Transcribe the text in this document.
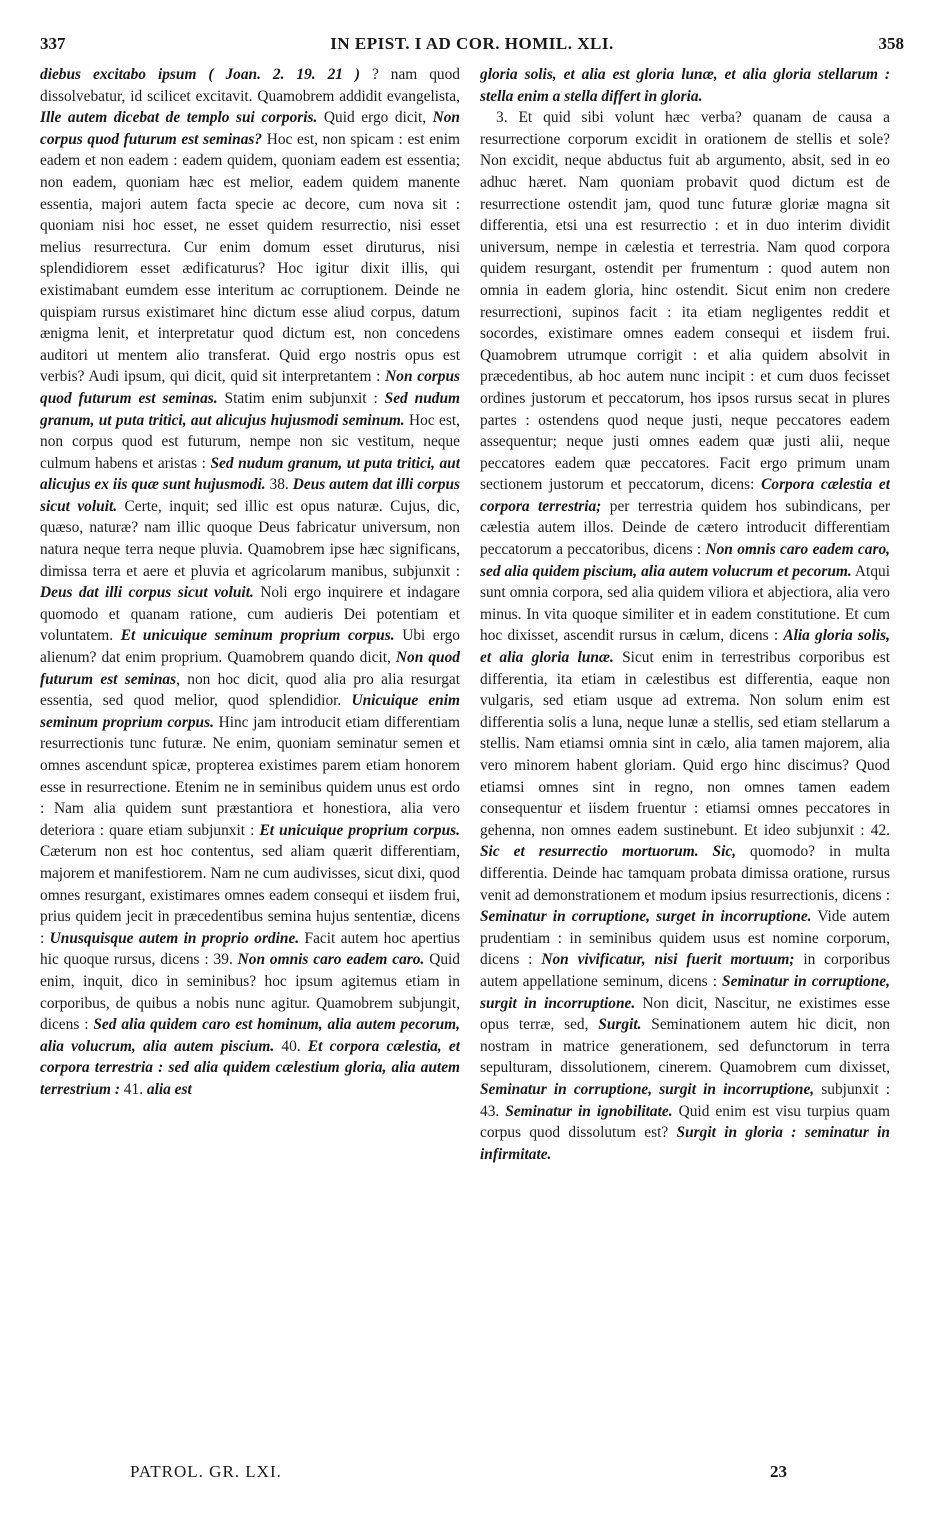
337	IN EPIST. I AD COR. HOMIL. XLI.	358

diebus excitabo ipsum ( Joan. 2. 19. 21 ) ? nam quod dissolvebatur, id scilicet excitavit. Quamobrem addidit evangelista, Ille autem dicebat de templo sui corporis. Quid ergo dicit, Non corpus quod futurum est seminas? Hoc est, non spicam : est enim eadem et non eadem : eadem quidem, quoniam eadem est essentia; non eadem, quoniam hæc est melior, eadem quidem manente essentia, majori autem facta specie ac decore, cum nova sit : quoniam nisi hoc esset, ne esset quidem resurrectio, nisi esset melius resurrectura. Cur enim domum esset diruturus, nisi splendidiorem esset ædificaturus? Hoc igitur dixit illis, qui existimabant eumdem esse interitum ac corruptionem. Deinde ne quispiam rursus existimaret hinc dictum esse aliud corpus, datum ænigma lenit, et interpretatur quod dictum est, non concedens auditori ut mentem alio transferat. Quid ergo nostris opus est verbis? Audi ipsum, qui dicit, quid sit interpretantem : Non corpus quod futurum est seminas. Statim enim subjunxit : Sed nudum granum, ut puta tritici, aut alicujus hujusmodi seminum. Hoc est, non corpus quod est futurum, nempe non sic vestitum, neque culmum habens et aristas : Sed nudum granum, ut puta tritici, aut alicujus ex iis quæ sunt hujusmodi. 38. Deus autem dat illi corpus sicut voluit. Certe, inquit; sed illic est opus naturæ. Cujus, dic, quæso, naturæ? nam illic quoque Deus fabricatur universum, non natura neque terra neque pluvia. Quamobrem ipse hæc significans, dimissa terra et aere et pluvia et agricolarum manibus, subjunxit : Deus dat illi corpus sicut voluit. Noli ergo inquirere et indagare quomodo et quanam ratione, cum audieris Dei potentiam et voluntatem. Et unicuique seminum proprium corpus. Ubi ergo alienum? dat enim proprium. Quamobrem quando dicit, Non quod futurum est seminas, non hoc dicit, quod alia pro alia resurgat essentia, sed quod melior, quod splendidior. Unicuique enim seminum proprium corpus. Hinc jam introducit etiam differentiam resurrectionis tunc futuræ. Ne enim, quoniam seminatur semen et omnes ascendunt spicæ, propterea existimes parem etiam honorem esse in resurrectione. Etenim ne in seminibus quidem unus est ordo : Nam alia quidem sunt præstantiora et honestiora, alia vero deteriora : quare etiam subjunxit : Et unicuique proprium corpus. Cæterum non est hoc contentus, sed aliam quærit differentiam, majorem et manifestiorem. Nam ne cum audivisses, sicut dixi, quod omnes resurgant, existimares omnes eadem consequi et iisdem frui, prius quidem jecit in præcedentibus semina hujus sententiæ, dicens : Unusquisque autem in proprio ordine. Facit autem hoc apertius hic quoque rursus, dicens : 39. Non omnis caro eadem caro. Quid enim, inquit, dico in seminibus? hoc ipsum agitemus etiam in corporibus, de quibus a nobis nunc agitur. Quamobrem subjungit, dicens : Sed alia quidem caro est hominum, alia autem pecorum, alia volucrum, alia autem piscium. 40. Et corpora cælestia, et corpora terrestria : sed alia quidem cælestium gloria, alia autem terrestrium : 41. alia est

gloria solis, et alia est gloria lunæ, et alia gloria stellarum : stella enim a stella differt in gloria.

3. Et quid sibi volunt hæc verba? quanam de causa a resurrectione corporum excidit in orationem de stellis et sole? Non excidit, neque abductus fuit ab argumento, absit, sed in eo adhuc hæret. Nam quoniam probavit quod dictum est de resurrectione ostendit jam, quod tunc futuræ gloriæ magna sit differentia, etsi una est resurrectio : et in duo interim dividit universum, nempe in cælestia et terrestria. Nam quod corpora quidem resurgant, ostendit per frumentum : quod autem non omnia in eadem gloria, hinc ostendit. Sicut enim non credere resurrectioni, supinos facit : ita etiam negligentes reddit et socordes, existimare omnes eadem consequi et iisdem frui. Quamobrem utrumque corrigit : et alia quidem absolvit in præcedentibus, ab hoc autem nunc incipit : et cum duos fecisset ordines justorum et peccatorum, hos ipsos rursus secat in plures partes : ostendens quod neque justi, neque peccatores eadem assequentur; neque justi omnes eadem quæ justi alii, neque peccatores eadem quæ peccatores. Facit ergo primum unam sectionem justorum et peccatorum, dicens: Corpora cælestia et corpora terrestria; per terrestria quidem hos subindicans, per cælestia autem illos. Deinde de cætero introducit differentiam peccatorum a peccatoribus, dicens : Non omnis caro eadem caro, sed alia quidem piscium, alia autem volucrum et pecorum. Atqui sunt omnia corpora, sed alia quidem viliora et abjectiora, alia vero minus. In vita quoque similiter et in eadem constitutione. Et cum hoc dixisset, ascendit rursus in cælum, dicens : Alia gloria solis, et alia gloria lunæ. Sicut enim in terrestribus corporibus est differentia, ita etiam in cælestibus est differentia, eaque non vulgaris, sed etiam usque ad extrema. Non solum enim est differentia solis a luna, neque lunæ a stellis, sed etiam stellarum a stellis. Nam etiamsi omnia sint in cælo, alia tamen majorem, alia vero minorem habent gloriam. Quid ergo hinc discimus? Quod etiamsi omnes sint in regno, non omnes tamen eadem consequentur et iisdem fruentur : etiamsi omnes peccatores in gehenna, non omnes eadem sustinebunt. Et ideo subjunxit : 42. Sic et resurrectio mortuorum. Sic, quomodo? in multa differentia. Deinde hac tamquam probata dimissa oratione, rursus venit ad demonstrationem et modum ipsius resurrectionis, dicens : Seminatur in corruptione, surget in incorruptione. Vide autem prudentiam : in seminibus quidem usus est nomine corporum, dicens : Non vivificatur, nisi fuerit mortuum; in corporibus autem appellatione seminum, dicens : Seminatur in corruptione, surgit in incorruptione. Non dicit, Nascitur, ne existimes esse opus terræ, sed, Surgit. Seminationem autem hic dicit, non nostram in matrice generationem, sed defunctorum in terra sepulturam, dissolutionem, cinerem. Quamobrem cum dixisset, Seminatur in corruptione, surgit in incorruptione, subjunxit : 43. Seminatur in ignobilitate. Quid enim est visu turpius quam corpus quod dissolutum est? Surgit in gloria : seminatur in infirmitate.

PATROL. GR. LXI.	23
